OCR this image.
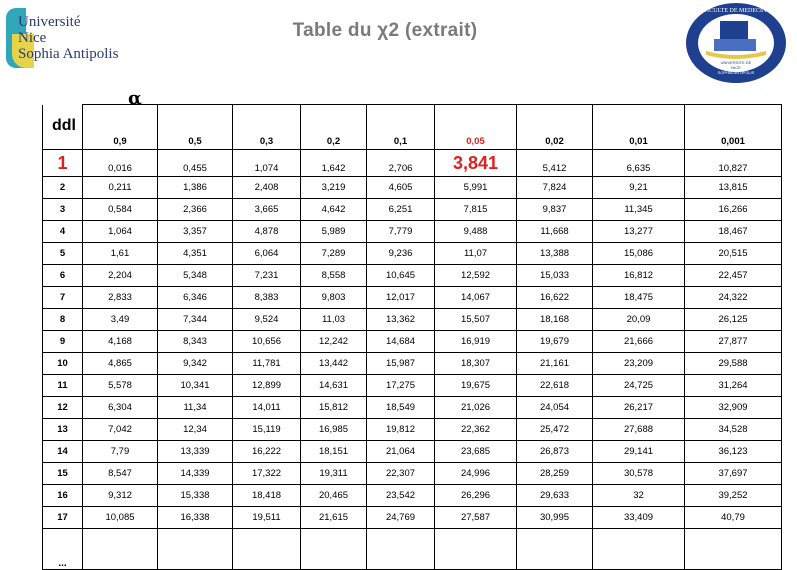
Université
Nice
Sophia Antipolis
Table du χ2 (extrait)
FACULTE DE MEDECINE
UNIVERSITE DE
NICE
SOPHIA ANTIPOLIS
α
ddl
	0,9	0,5	0,3	0,2	0,1	0,05	0,02	0,01	0,001
1	0,016	0,455	1,074	1,642	2,706	3,841	5,412	6,635	10,827
2	0,211	1,386	2,408	3,219	4,605	5,991	7,824	9,21	13,815
3	0,584	2,366	3,665	4,642	6,251	7,815	9,837	11,345	16,266
4	1,064	3,357	4,878	5,989	7,779	9,488	11,668	13,277	18,467
5	1,61	4,351	6,064	7,289	9,236	11,07	13,388	15,086	20,515
6	2,204	5,348	7,231	8,558	10,645	12,592	15,033	16,812	22,457
7	2,833	6,346	8,383	9,803	12,017	14,067	16,622	18,475	24,322
8	3,49	7,344	9,524	11,03	13,362	15,507	18,168	20,09	26,125
9	4,168	8,343	10,656	12,242	14,684	16,919	19,679	21,666	27,877
10	4,865	9,342	11,781	13,442	15,987	18,307	21,161	23,209	29,588
11	5,578	10,341	12,899	14,631	17,275	19,675	22,618	24,725	31,264
12	6,304	11,34	14,011	15,812	18,549	21,026	24,054	26,217	32,909
13	7,042	12,34	15,119	16,985	19,812	22,362	25,472	27,688	34,528
14	7,79	13,339	16,222	18,151	21,064	23,685	26,873	29,141	36,123
15	8,547	14,339	17,322	19,311	22,307	24,996	28,259	30,578	37,697
16	9,312	15,338	18,418	20,465	23,542	26,296	29,633	32	39,252
17	10,085	16,338	19,511	21,615	24,769	27,587	30,995	33,409	40,79
...									
